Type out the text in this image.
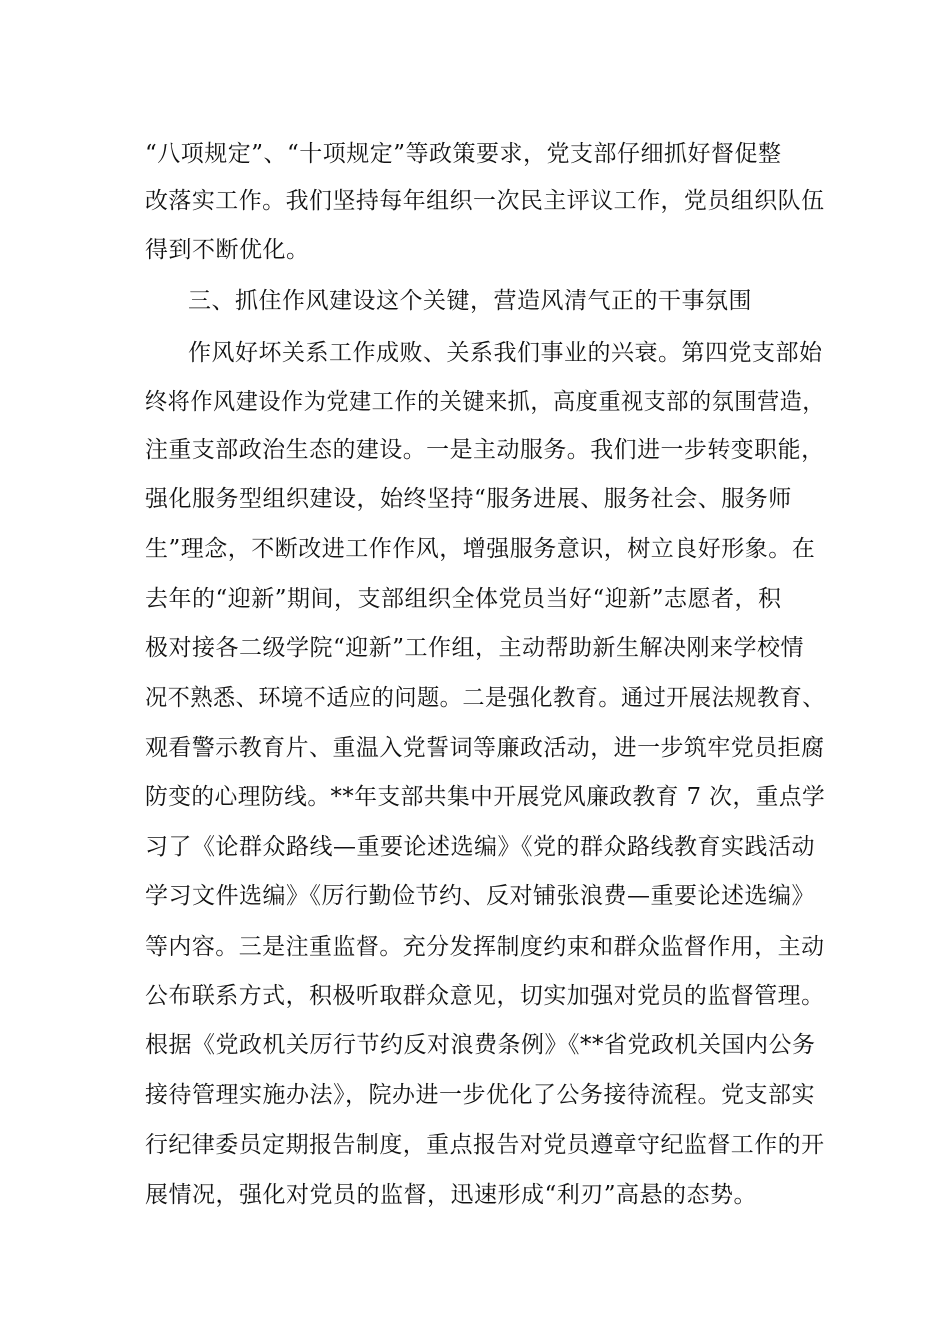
“八项规定”、“十项规定”等政策要求，党支部仔细抓好督促整
改落实工作。我们坚持每年组织一次民主评议工作，党员组织队伍
得到不断优化。
三、抓住作风建设这个关键，营造风清气正的干事氛围
作风好坏关系工作成败、关系我们事业的兴衰。第四党支部始
终将作风建设作为党建工作的关键来抓，高度重视支部的氛围营造，
注重支部政治生态的建设。一是主动服务。我们进一步转变职能，
强化服务型组织建设，始终坚持“服务进展、服务社会、服务师
生”理念，不断改进工作作风，增强服务意识，树立良好形象。在
去年的“迎新”期间，支部组织全体党员当好“迎新”志愿者，积
极对接各二级学院“迎新”工作组，主动帮助新生解决刚来学校情
况不熟悉、环境不适应的问题。二是强化教育。通过开展法规教育、
观看警示教育片、重温入党誓词等廉政活动，进一步筑牢党员拒腐
防变的心理防线。**年支部共集中开展党风廉政教育 7 次，重点学
习了《论群众路线—重要论述选编》《党的群众路线教育实践活动
学习文件选编》《厉行勤俭节约、反对铺张浪费—重要论述选编》
等内容。三是注重监督。充分发挥制度约束和群众监督作用，主动
公布联系方式，积极听取群众意见，切实加强对党员的监督管理。
根据《党政机关厉行节约反对浪费条例》《**省党政机关国内公务
接待管理实施办法》，院办进一步优化了公务接待流程。党支部实
行纪律委员定期报告制度，重点报告对党员遵章守纪监督工作的开
展情况，强化对党员的监督，迅速形成“利刃”高悬的态势。
